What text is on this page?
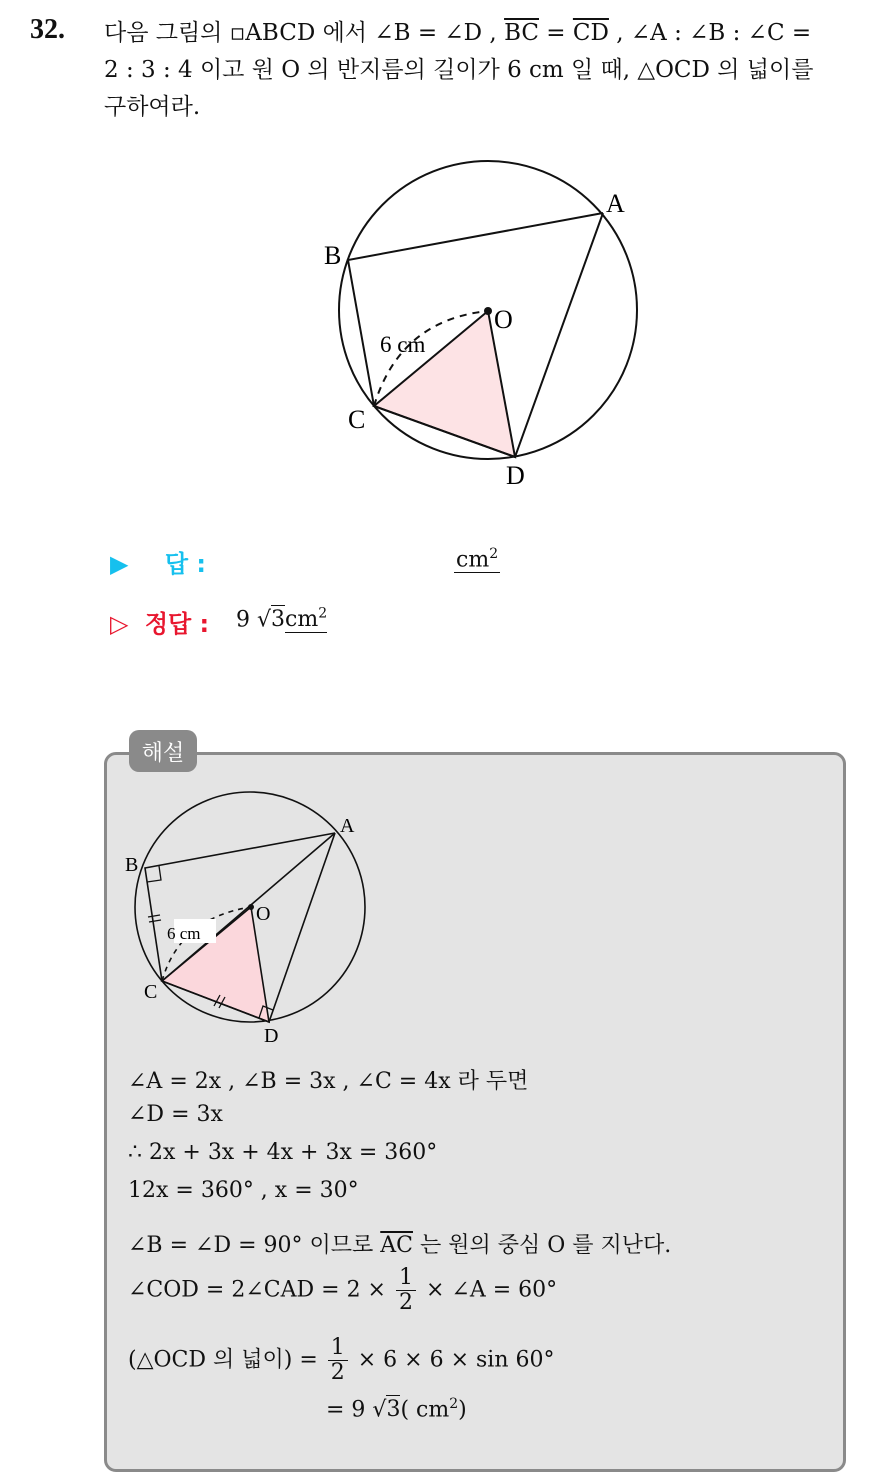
32. 다음 그림의 ▫ABCD 에서 ∠B = ∠D , $\overline{BC} = \overline{CD}$ , ∠A : ∠B : ∠C =
2 : 3 : 4 이고 원 O 의 반지름의 길이가 6 cm 일 때, △OCD 의 넓이를
구하여라.
A
B
C
D
O
6 cm
▶ 답 :	$cm^2$
▷ 정답 : 9 $√3cm^2$
해설
A
B
C
D
O
6 cm
∠A = 2x , ∠B = 3x , ∠C = 4x 라 두면
∠D = 3x
∴ 2x + 3x + 4x + 3x = 360°
12x = 360° , x = 30°
∠B = ∠D = 90° 이므로 $\overline{AC}$ 는 원의 중심 O 를 지난다.
∠COD = 2∠CAD = $2 \times \frac{1}{2}$ × ∠A = 60°
(△OCD 의 넓이) = $\frac{1}{2} \times 6 \times 6 \times \sin 60^\circ$
= 9 √3( $cm^2$)
